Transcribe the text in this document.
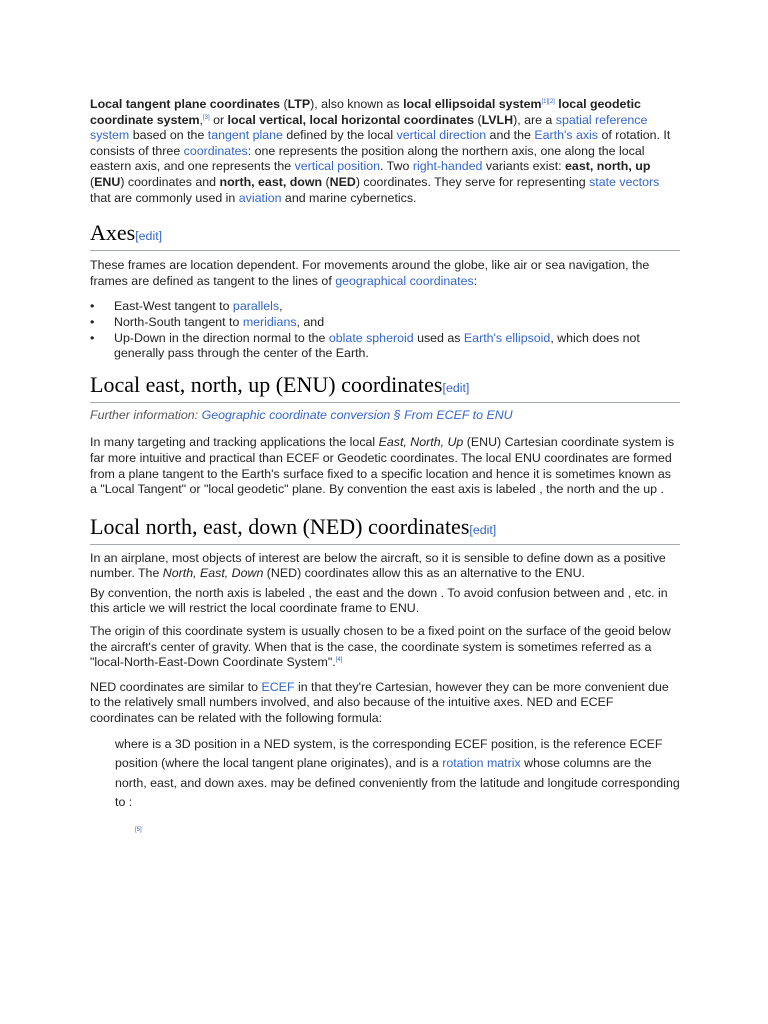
Local tangent plane coordinates (LTP), also known as local ellipsoidal system[1][2] local geodetic coordinate system,[3] or local vertical, local horizontal coordinates (LVLH), are a spatial reference system based on the tangent plane defined by the local vertical direction and the Earth's axis of rotation. It consists of three coordinates: one represents the position along the northern axis, one along the local eastern axis, and one represents the vertical position. Two right-handed variants exist: east, north, up (ENU) coordinates and north, east, down (NED) coordinates. They serve for representing state vectors that are commonly used in aviation and marine cybernetics.

Axes[edit]

These frames are location dependent. For movements around the globe, like air or sea navigation, the frames are defined as tangent to the lines of geographical coordinates:

• East-West tangent to parallels,
• North-South tangent to meridians, and
• Up-Down in the direction normal to the oblate spheroid used as Earth's ellipsoid, which does not generally pass through the center of the Earth.
Local east, north, up (ENU) coordinates[edit]

Further information: Geographic coordinate conversion § From ECEF to ENU

In many targeting and tracking applications the local East, North, Up (ENU) Cartesian coordinate system is far more intuitive and practical than ECEF or Geodetic coordinates. The local ENU coordinates are formed from a plane tangent to the Earth's surface fixed to a specific location and hence it is sometimes known as a "Local Tangent" or "local geodetic" plane. By convention the east axis is labeled , the north and the up .

Local north, east, down (NED) coordinates[edit]

In an airplane, most objects of interest are below the aircraft, so it is sensible to define down as a positive number. The North, East, Down (NED) coordinates allow this as an alternative to the ENU.

By convention, the north axis is labeled , the east and the down . To avoid confusion between and , etc. in this article we will restrict the local coordinate frame to ENU.

The origin of this coordinate system is usually chosen to be a fixed point on the surface of the geoid below the aircraft's center of gravity. When that is the case, the coordinate system is sometimes referred as a "local-North-East-Down Coordinate System".[4]

NED coordinates are similar to ECEF in that they're Cartesian, however they can be more convenient due to the relatively small numbers involved, and also because of the intuitive axes. NED and ECEF coordinates can be related with the following formula:

where is a 3D position in a NED system, is the corresponding ECEF position, is the reference ECEF position (where the local tangent plane originates), and is a rotation matrix whose columns are the north, east, and down axes. may be defined conveniently from the latitude and longitude corresponding to :

[5]
